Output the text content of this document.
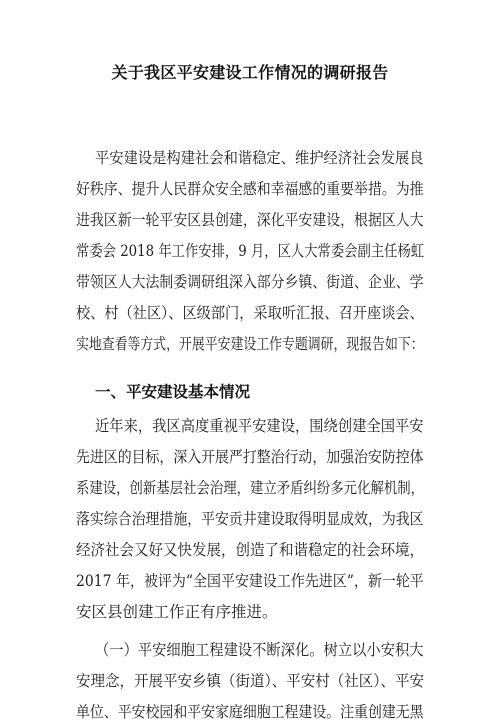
关于我区平安建设工作情况的调研报告
平安建设是构建社会和谐稳定、维护经济社会发展良
好秩序、提升人民群众安全感和幸福感的重要举措。为推
进我区新一轮平安区县创建，深化平安建设，根据区人大
常委会 2018 年工作安排，9 月，区人大常委会副主任杨虹
带领区人大法制委调研组深入部分乡镇、街道、企业、学
校、村（社区）、区级部门，采取听汇报、召开座谈会、
实地查看等方式，开展平安建设工作专题调研，现报告如下：
一、平安建设基本情况
近年来，我区高度重视平安建设，围绕创建全国平安
先进区的目标，深入开展严打整治行动，加强治安防控体
系建设，创新基层社会治理，建立矛盾纠纷多元化解机制，
落实综合治理措施，平安贡井建设取得明显成效，为我区
经济社会又好又快发展，创造了和谐稳定的社会环境，
2017 年，被评为“全国平安建设工作先进区”，新一轮平
安区县创建工作正有序推进。
（一）平安细胞工程建设不断深化。树立以小安积大
安理念，开展平安乡镇（街道）、平安村（社区）、平安
单位、平安校园和平安家庭细胞工程建设。注重创建无黑
